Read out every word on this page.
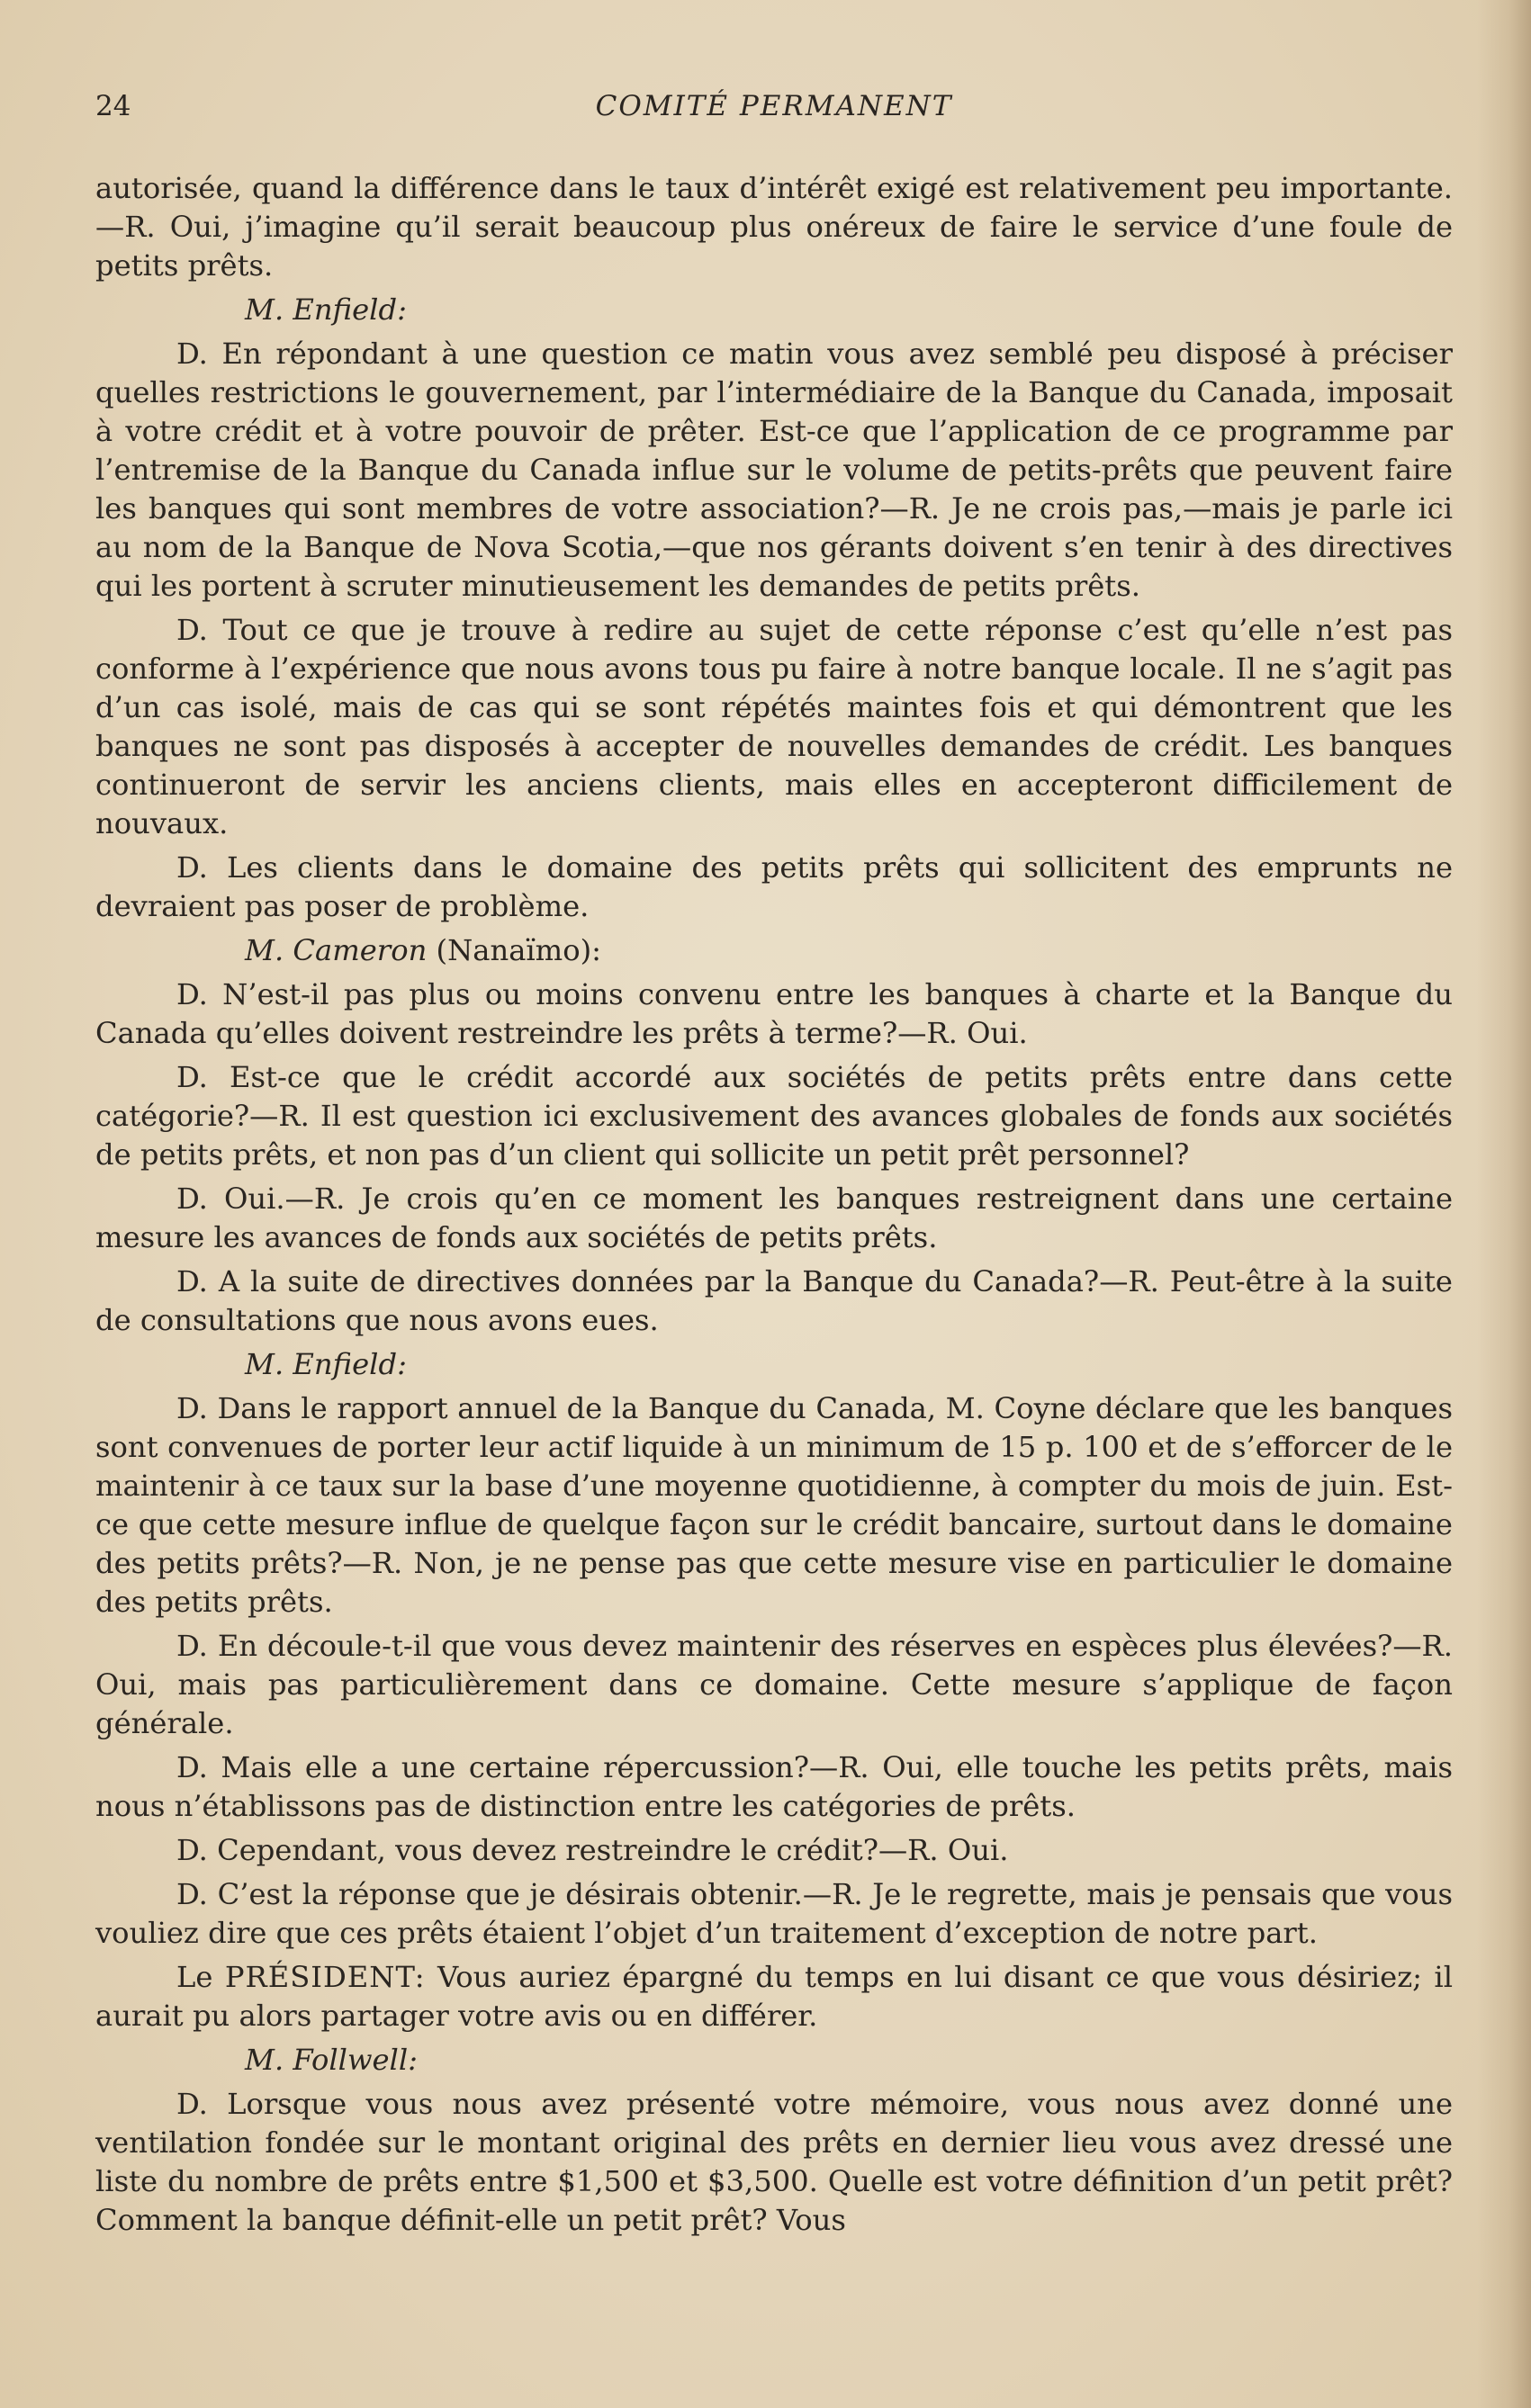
24	COMITÉ PERMANENT

autorisée, quand la différence dans le taux d’intérêt exigé est relativement peu importante.—R. Oui, j’imagine qu’il serait beaucoup plus onéreux de faire le service d’une foule de petits prêts.

M. Enfield:

D. En répondant à une question ce matin vous avez semblé peu disposé à préciser quelles restrictions le gouvernement, par l’intermédiaire de la Banque du Canada, imposait à votre crédit et à votre pouvoir de prêter. Est-ce que l’application de ce programme par l’entremise de la Banque du Canada influe sur le volume de petits-prêts que peuvent faire les banques qui sont membres de votre association?—R. Je ne crois pas,—mais je parle ici au nom de la Banque de Nova Scotia,—que nos gérants doivent s’en tenir à des directives qui les portent à scruter minutieusement les demandes de petits prêts.

D. Tout ce que je trouve à redire au sujet de cette réponse c’est qu’elle n’est pas conforme à l’expérience que nous avons tous pu faire à notre banque locale. Il ne s’agit pas d’un cas isolé, mais de cas qui se sont répétés maintes fois et qui démontrent que les banques ne sont pas disposés à accepter de nouvelles demandes de crédit. Les banques continueront de servir les anciens clients, mais elles en accepteront difficilement de nouvaux.

D. Les clients dans le domaine des petits prêts qui sollicitent des emprunts ne devraient pas poser de problème.

M. Cameron (Nanaïmo):

D. N’est-il pas plus ou moins convenu entre les banques à charte et la Banque du Canada qu’elles doivent restreindre les prêts à terme?—R. Oui.

D. Est-ce que le crédit accordé aux sociétés de petits prêts entre dans cette catégorie?—R. Il est question ici exclusivement des avances globales de fonds aux sociétés de petits prêts, et non pas d’un client qui sollicite un petit prêt personnel?

D. Oui.—R. Je crois qu’en ce moment les banques restreignent dans une certaine mesure les avances de fonds aux sociétés de petits prêts.

D. A la suite de directives données par la Banque du Canada?—R. Peut-être à la suite de consultations que nous avons eues.

M. Enfield:

D. Dans le rapport annuel de la Banque du Canada, M. Coyne déclare que les banques sont convenues de porter leur actif liquide à un minimum de 15 p. 100 et de s’efforcer de le maintenir à ce taux sur la base d’une moyenne quotidienne, à compter du mois de juin. Est-ce que cette mesure influe de quelque façon sur le crédit bancaire, surtout dans le domaine des petits prêts?—R. Non, je ne pense pas que cette mesure vise en particulier le domaine des petits prêts.

D. En découle-t-il que vous devez maintenir des réserves en espèces plus élevées?—R. Oui, mais pas particulièrement dans ce domaine. Cette mesure s’applique de façon générale.

D. Mais elle a une certaine répercussion?—R. Oui, elle touche les petits prêts, mais nous n’établissons pas de distinction entre les catégories de prêts.

D. Cependant, vous devez restreindre le crédit?—R. Oui.

D. C’est la réponse que je désirais obtenir.—R. Je le regrette, mais je pensais que vous vouliez dire que ces prêts étaient l’objet d’un traitement d’exception de notre part.

Le PRÉSIDENT: Vous auriez épargné du temps en lui disant ce que vous désiriez; il aurait pu alors partager votre avis ou en différer.

M. Follwell:

D. Lorsque vous nous avez présenté votre mémoire, vous nous avez donné une ventilation fondée sur le montant original des prêts en dernier lieu vous avez dressé une liste du nombre de prêts entre $1,500 et $3,500. Quelle est votre définition d’un petit prêt? Comment la banque définit-elle un petit prêt? Vous
